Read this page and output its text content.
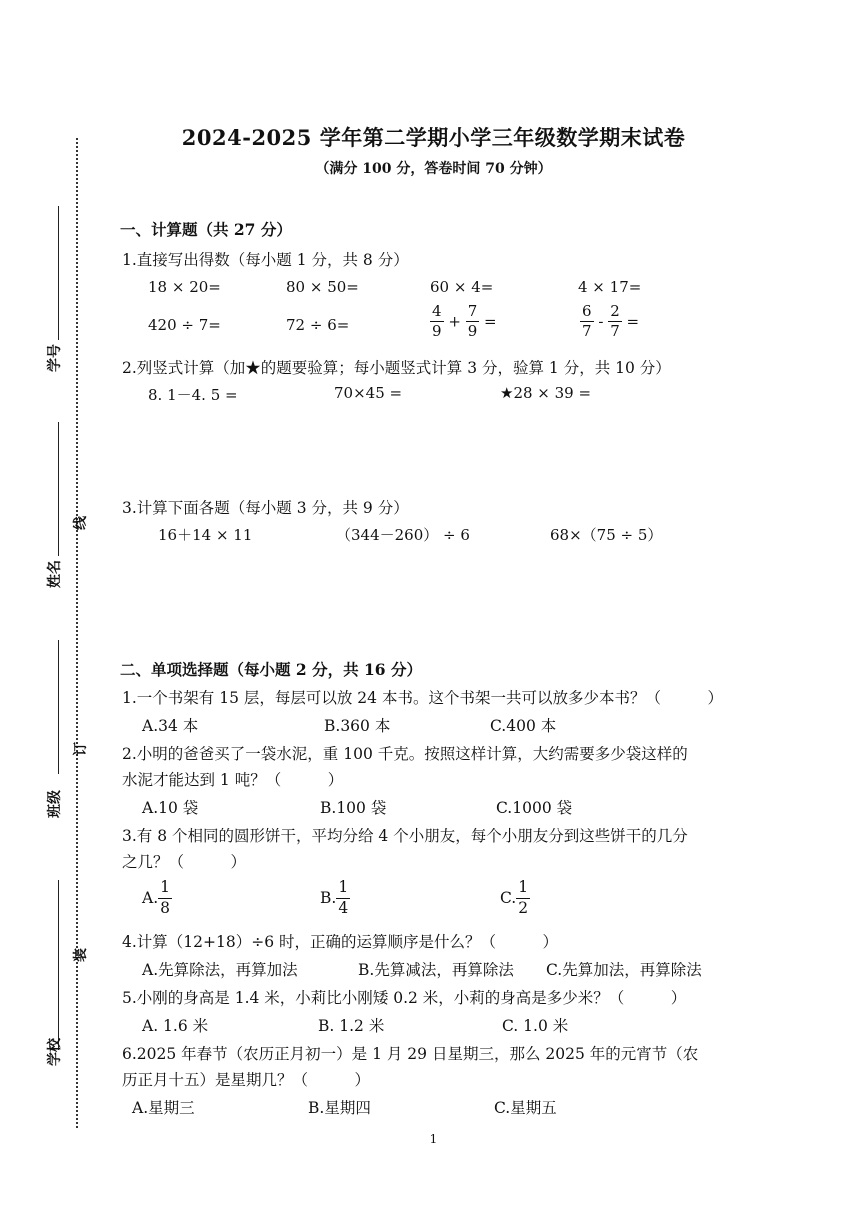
学号
线
姓名
订
班级
装
学校
2024-2025 学年第二学期小学三年级数学期末试卷
（满分 100 分，答卷时间 70 分钟）
一、计算题（共 27 分）
1.直接写出得数（每小题 1 分，共 8 分）
18 × 20=	80 × 50=	60 × 4=	4 × 17=
420 ÷ 7=	72 ÷ 6=	$\frac{4}{9} + \frac{7}{9}$ =	$\frac{6}{7} - \frac{2}{7}$ =
2.列竖式计算（加★的题要验算；每小题竖式计算 3 分，验算 1 分，共 10 分）
8. 1－4. 5 =	70×45 =	★28 × 39 =
3.计算下面各题（每小题 3 分，共 9 分）
16＋14 × 11	（344－260） ÷ 6	68×（75 ÷ 5）
二、单项选择题（每小题 2 分，共 16 分）
1.一个书架有 15 层，每层可以放 24 本书。这个书架一共可以放多少本书？（　　　）
A.34 本	B.360 本	C.400 本
2.小明的爸爸买了一袋水泥，重 100 千克。按照这样计算，大约需要多少袋这样的
水泥才能达到 1 吨？（　　　）
A.10 袋	B.100 袋	C.1000 袋
3.有 8 个相同的圆形饼干，平均分给 4 个小朋友，每个小朋友分到这些饼干的几分
之几？（　　　）
A. $\frac{1}{8}$	B. $\frac{1}{4}$	C. $\frac{1}{2}$
4.计算（12+18）÷6 时，正确的运算顺序是什么？（　　　）
A.先算除法，再算加法	B.先算减法，再算除法 C.先算加法，再算除法
5.小刚的身高是 1.4 米，小莉比小刚矮 0.2 米，小莉的身高是多少米？（　　　）
A. 1.6 米	B. 1.2 米	C. 1.0 米
6.2025 年春节（农历正月初一）是 1 月 29 日星期三，那么 2025 年的元宵节（农
历正月十五）是星期几？（　　　）
A.星期三	B.星期四	C.星期五
1
